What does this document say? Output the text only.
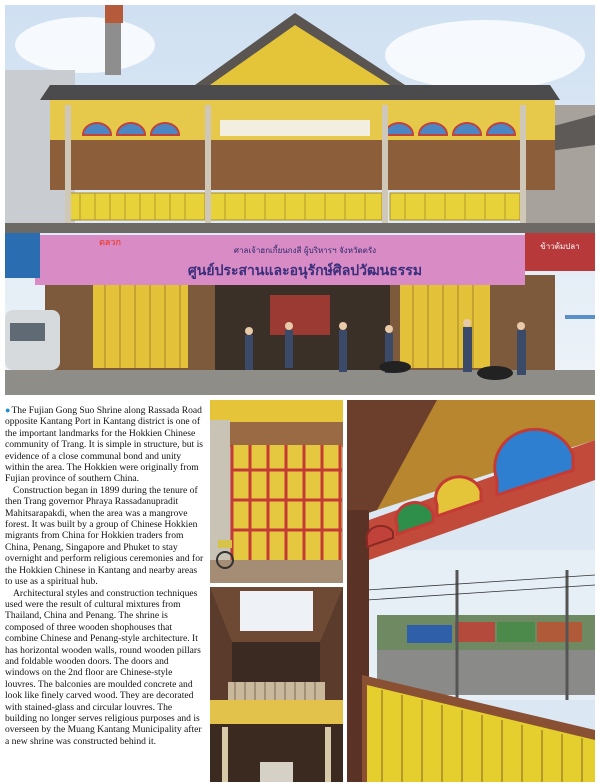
ศาลเจ้าฮกเกี้ยนกงสี ผู้บริหารฯ จังหวัดตรัง
ศูนย์ประสานและอนุรักษ์ศิลปวัฒนธรรม
ข้าวต้มปลา
ดลวก

●The Fujian Gong Suo Shrine along Rassada Road opposite Kantang Port in Kantang district is one of the important landmarks for the Hokkien Chinese community of Trang. It is simple in structure, but is evidence of a close communal bond and unity within the area. The Hokkien were originally from Fujian province of southern China.

Construction began in 1899 during the tenure of then Trang governor Phraya Rassadanupradit Mahitsarapakdi, when the area was a mangrove forest. It was built by a group of Chinese Hokkien migrants from China for Hokkien traders from China, Penang, Singapore and Phuket to stay overnight and perform religious ceremonies and for the Hokkien Chinese in Kantang and nearby areas to use as a spiritual hub.

Architectural styles and construction techniques used were the result of cultural mixtures from Thailand, China and Penang. The shrine is composed of three wooden shophouses that combine Chinese and Penang-style architecture. It has horizontal wooden walls, round wooden pillars and foldable wooden doors. The doors and windows on the 2nd floor are Chinese-style louvres. The balconies are moulded concrete and look like finely carved wood. They are decorated with stained-glass and circular louvres. The building no longer serves religious purposes and is overseen by the Muang Kantang Municipality after a new shrine was constructed behind it.
